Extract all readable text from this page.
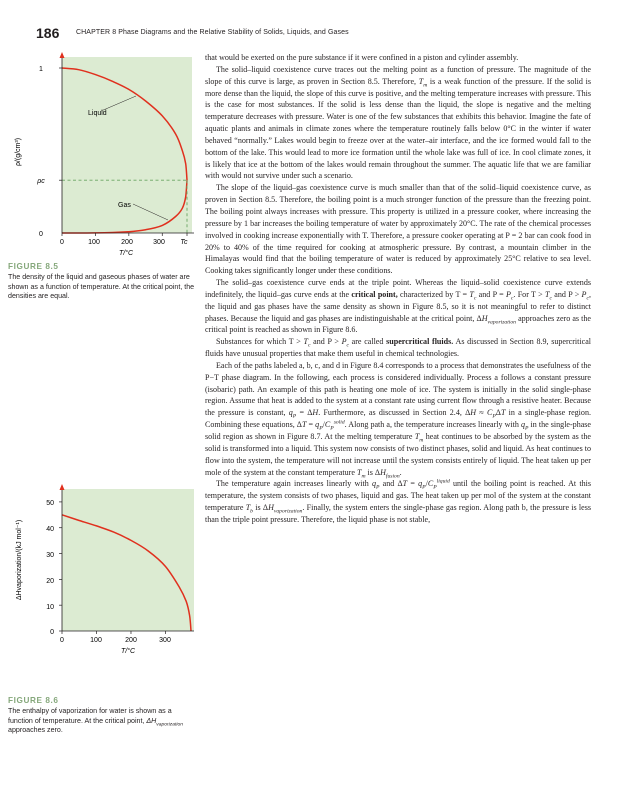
186 CHAPTER 8 Phase Diagrams and the Relative Stability of Solids, Liquids, and Gases
1
ρc
0
0	100	200	300 Tc
T/°C
ρ/(g/cm³)
Liquid
Gas
FIGURE 8.5
The density of the liquid and gaseous phases of water are shown as a function of temperature. At the critical point, the densities are equal.
50
40
30
20
10
0
0	100	200	300
T/°C
ΔHvaporization/(kJ mol⁻¹)
FIGURE 8.6
The enthalpy of vaporization for water is shown as a function of temperature. At the critical point, $\Delta H_{vaporization}$ approaches zero.

that would be exerted on the pure substance if it were confined in a piston and cylinder assembly.

The solid–liquid coexistence curve traces out the melting point as a function of pressure. The magnitude of the slope of this curve is large, as proven in Section 8.5. Therefore, $T_m$ is a weak function of the pressure. If the solid is more dense than the liquid, the slope of this curve is positive, and the melting temperature increases with pressure. This is the case for most substances. If the solid is less dense than the liquid, the slope is negative and the melting temperature decreases with pressure. Water is one of the few substances that exhibits this behavior. Imagine the fate of aquatic plants and animals in climate zones where the temperature routinely falls below 0°C in the winter if water behaved “normally.” Lakes would begin to freeze over at the water–air interface, and the ice formed would fall to the bottom of the lake. This would lead to more ice formation until the whole lake was full of ice. In cool climate zones, it is likely that ice at the bottom of the lakes would remain throughout the summer. The aquatic life that we are familiar with would not survive under such a scenario.

The slope of the liquid–gas coexistence curve is much smaller than that of the solid–liquid coexistence curve, as proven in Section 8.5. Therefore, the boiling point is a much stronger function of the pressure than the freezing point. The boiling point always increases with pressure. This property is utilized in a pressure cooker, where increasing the pressure by 1 bar increases the boiling temperature of water by approximately 20°C. The rate of the chemical processes involved in cooking increase exponentially with T. Therefore, a pressure cooker operating at P = 2 bar can cook food in 20% to 40% of the time required for cooking at atmospheric pressure. By contrast, a mountain climber in the Himalayas would find that the boiling temperature of water is reduced by approximately 25°C relative to sea level. Cooking takes significantly longer under these conditions.

The solid–gas coexistence curve ends at the triple point. Whereas the liquid–solid coexistence curve extends indefinitely, the liquid–gas curve ends at the critical point, characterized by $T = T_c$ and $P = P_c$. For $T > T_c$ and $P > P_c$, the liquid and gas phases have the same density as shown in Figure 8.5, so it is not meaningful to refer to distinct phases. Because the liquid and gas phases are indistinguishable at the critical point, $\Delta H_{vaporization}$ approaches zero as the critical point is reached as shown in Figure 8.6.

Substances for which $T > T_c$ and $P > P_c$ are called supercritical fluids. As discussed in Section 8.9, supercritical fluids have unusual properties that make them useful in chemical technologies.

Each of the paths labeled a, b, c, and d in Figure 8.4 corresponds to a process that demonstrates the usefulness of the P−T phase diagram. In the following, each process is considered individually. Process a follows a constant pressure (isobaric) path. An example of this path is heating one mole of ice. The system is initially in the solid single-phase region. Assume that heat is added to the system at a constant rate using current flow through a resistive heater. Because the pressure is constant, $q_P = \Delta H$. Furthermore, as discussed in Section 2.4, $\Delta H \approx C_P\Delta T$ in a single-phase region. Combining these equations, $\Delta T = q_P/C_P^{solid}$. Along path a, the temperature increases linearly with $q_P$ in the single-phase solid region as shown in Figure 8.7. At the melting temperature $T_m$ heat continues to be absorbed by the system as the solid is transformed into a liquid. This system now consists of two distinct phases, solid and liquid. As heat continues to flow into the system, the temperature will not increase until the system consists entirely of liquid. The heat taken up per mole of the system at the constant temperature $T_m$ is $\Delta H_{fusion}$.

The temperature again increases linearly with $q_P$ and $\Delta T = q_P/C_P^{liquid}$ until the boiling point is reached. At this temperature, the system consists of two phases, liquid and gas. The heat taken up per mol of the system at the constant temperature $T_b$ is $\Delta H_{vaporization}$. Finally, the system enters the single-phase gas region. Along path b, the pressure is less than the triple point pressure. Therefore, the liquid phase is not stable,
